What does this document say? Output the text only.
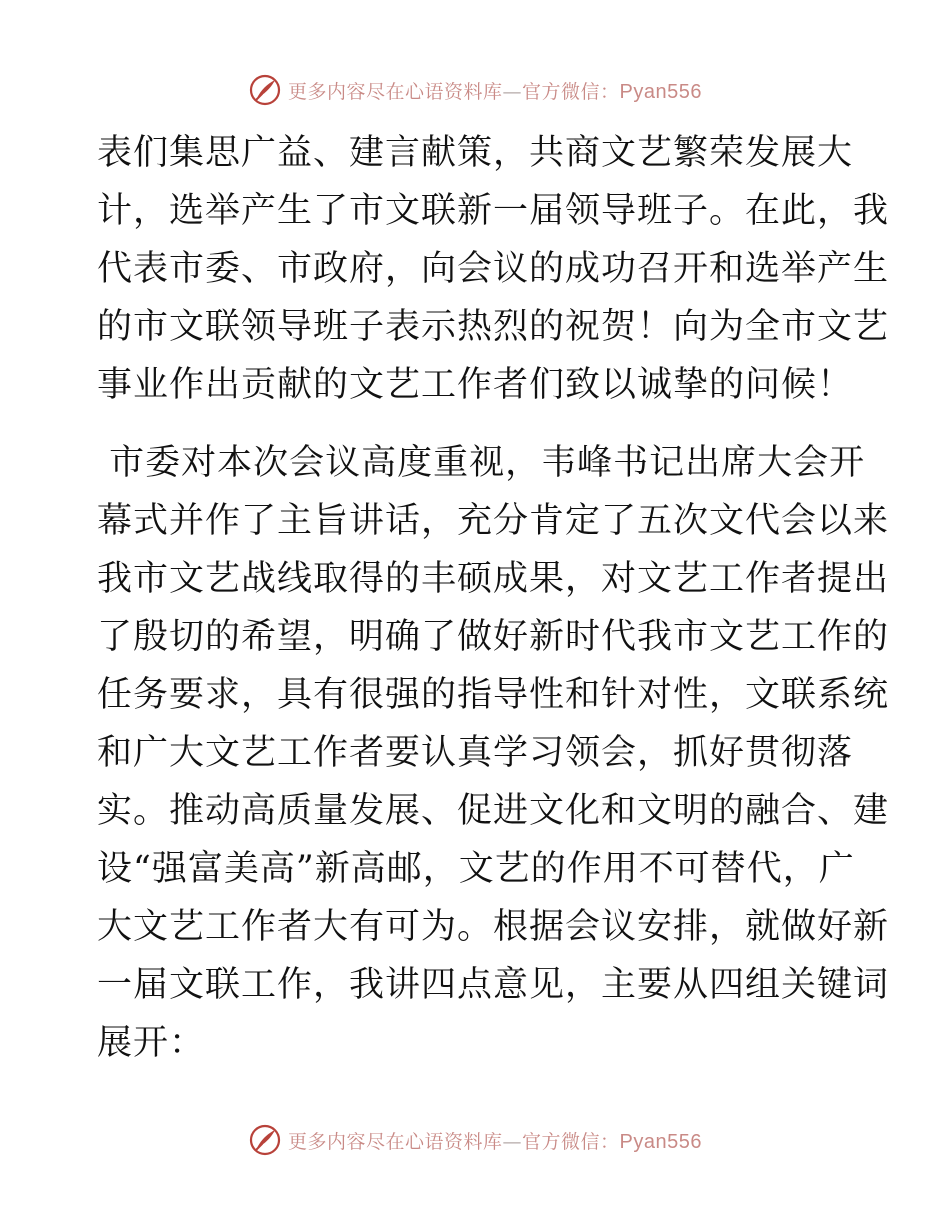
更多内容尽在心语资料库—官方微信：Pyan556

表们集思广益、建言献策，共商文艺繁荣发展大
计，选举产生了市文联新一届领导班子。在此，我
代表市委、市政府，向会议的成功召开和选举产生
的市文联领导班子表示热烈的祝贺！向为全市文艺
事业作出贡献的文艺工作者们致以诚挚的问候！

市委对本次会议高度重视，韦峰书记出席大会开
幕式并作了主旨讲话，充分肯定了五次文代会以来
我市文艺战线取得的丰硕成果，对文艺工作者提出
了殷切的希望，明确了做好新时代我市文艺工作的
任务要求，具有很强的指导性和针对性，文联系统
和广大文艺工作者要认真学习领会，抓好贯彻落
实。推动高质量发展、促进文化和文明的融合、建
设“强富美高”新高邮，文艺的作用不可替代，广
大文艺工作者大有可为。根据会议安排，就做好新
一届文联工作，我讲四点意见，主要从四组关键词
展开：

更多内容尽在心语资料库—官方微信：Pyan556
